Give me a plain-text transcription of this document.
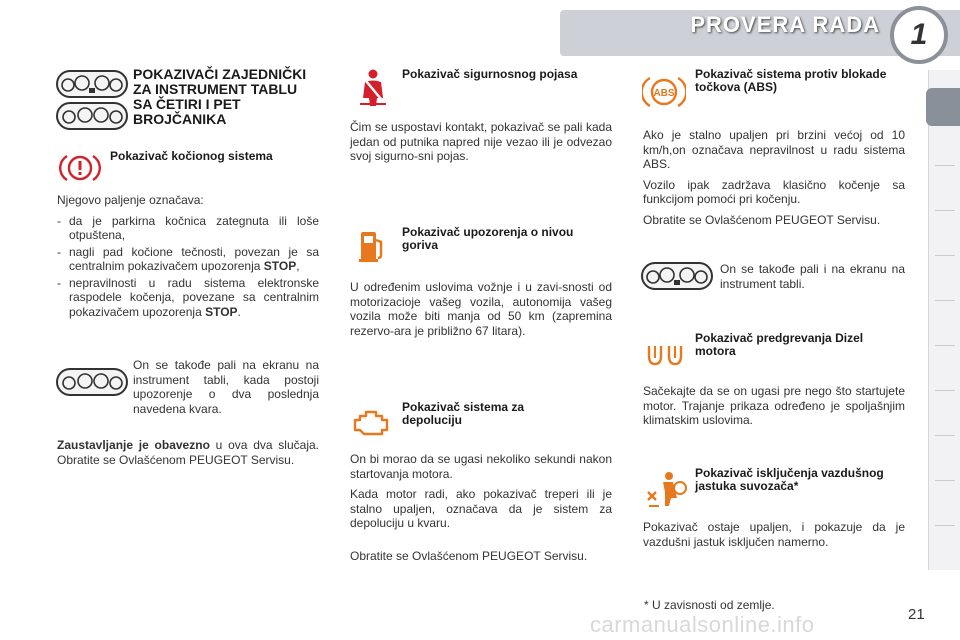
PROVERA RADA 1
POKAZIVAČI ZAJEDNIČKI ZA INSTRUMENT TABLU SA ČETIRI I PET BROJČANIKA
Pokazivač kočionog sistema

Njegovo paljenje označava:

- da je parkirna kočnica zategnuta ili loše otpuštena,
- nagli pad kočione tečnosti, povezan je sa centralnim pokazivačem upozorenja STOP,
- nepravilnosti u radu sistema elektronske raspodele kočenja, povezane sa centralnim pokazivačem upozorenja STOP.
On se takođe pali na ekranu na instrument tabli, kada postoji upozorenje o dva poslednja navedena kvara.
Zaustavljanje je obavezno u ova dva slučaja. Obratite se Ovlašćenom PEUGEOT Servisu.
Pokazivač sigurnosnog pojasa
Čim se uspostavi kontakt, pokazivač se pali kada jedan od putnika napred nije vezao ili je odvezao svoj sigurno-sni pojas.
Pokazivač upozorenja o nivou goriva
U određenim uslovima vožnje i u zavi-snosti od motorizacioje vašeg vozila, autonomija vašeg vozila može biti manja od 50 km (zapremina rezervo-ara je približno 67 litara).
Pokazivač sistema za depoluciju

On bi morao da se ugasi nekoliko sekundi nakon startovanja motora.

Kada motor radi, ako pokazivač treperi ili je stalno upaljen, označava da je sistem za depoluciju u kvaru.

Obratite se Ovlašćenom PEUGEOT Servisu.

ABS
Pokazivač sistema protiv blokade točkova (ABS)

Ako je stalno upaljen pri brzini većoj od 10 km/h,on označava nepravilnost u radu sistema ABS.

Vozilo ipak zadržava klasično kočenje sa funkcijom pomoći pri kočenju.

Obratite se Ovlašćenom PEUGEOT Servisu.

On se takođe pali i na ekranu na instrument tabli.
Pokazivač predgrevanja Dizel motora
Sačekajte da se on ugasi pre nego što startujete motor. Trajanje prikaza određeno je spoljašnjim klimatskim uslovima.
Pokazivač isključenja vazdušnog jastuka suvozača*
Pokazivač ostaje upaljen, i pokazuje da je vazdušni jastuk isključen namerno.
* U zavisnosti od zemlje.
carmanualsonline.info	21
